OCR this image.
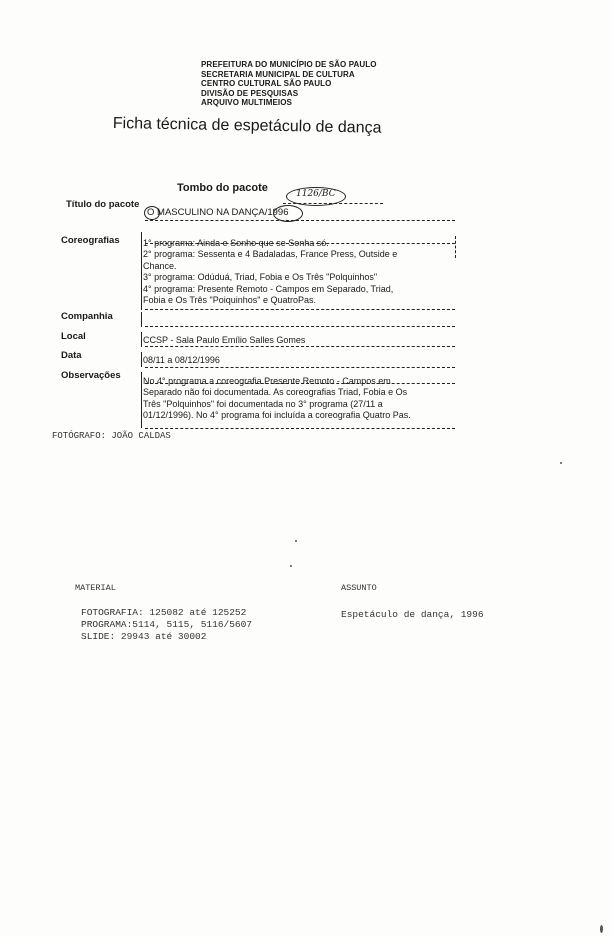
PREFEITURA DO MUNICÍPIO DE SÃO PAULO
SECRETARIA MUNICIPAL DE CULTURA
CENTRO CULTURAL SÃO PAULO
DIVISÃO DE PESQUISAS
ARQUIVO MULTIMEIOS
Ficha técnica de espetáculo de dança
Tombo do pacote	1126/BC
Título do pacote
O MASCULINO NA DANÇA/1996
Coreografias	1° programa: Ainda e Sonho que se Sonha só.
2° programa: Sessenta e 4 Badaladas, France Press, Outside e
Chance.
3° programa: Odúduá, Triad, Fobia e Os Três "Polquinhos"
4° programa: Presente Remoto - Campos em Separado, Triad,
Fobia e Os Três "Poiquinhos" e QuatroPas.
Companhia
Local	CCSP - Sala Paulo Emílio Salles Gomes
Data	08/11 a 08/12/1996
Observações No 4° programa a coreografia Presente Remoto - Campos em
Separado não foi documentada. As coreografias Triad, Fobia e Os
Três "Polquinhos" foi documentada no 3° programa (27/11 a
01/12/1996). No 4° programa foi incluída a coreografia Quatro Pas.
FOTÓGRAFO: JOÃO CALDAS
MATERIAL
FOTOGRAFIA: 125082 até 125252
PROGRAMA:5114, 5115, 5116/5607
SLIDE: 29943 até 30002
ASSUNTO
Espetáculo de dança, 1996
